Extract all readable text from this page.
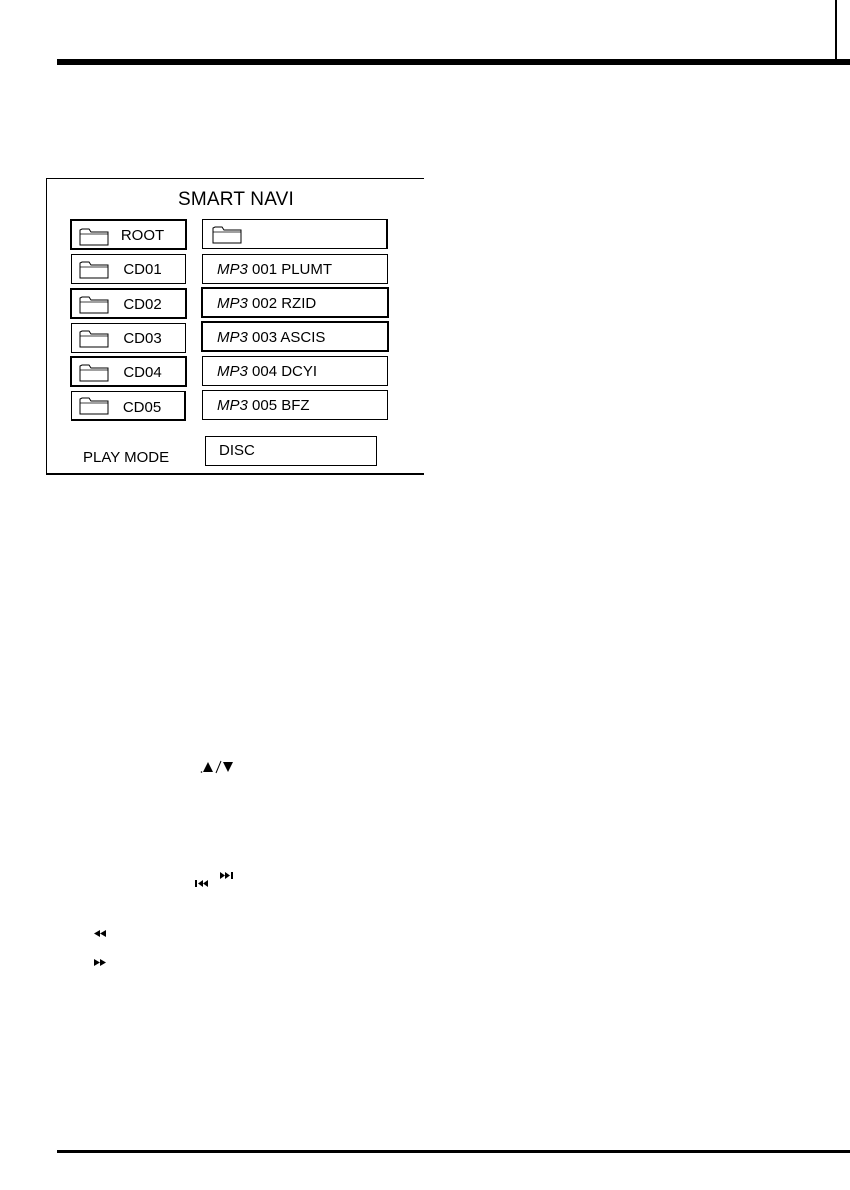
SMART NAVI
ROOT
CD01
CD02
CD03
CD04
CD05
MP3 001 PLUMT
MP3 002 RZID
MP3 003 ASCIS
MP3 004 DCYI
MP3 005 BFZ
PLAY MODE	DISC
